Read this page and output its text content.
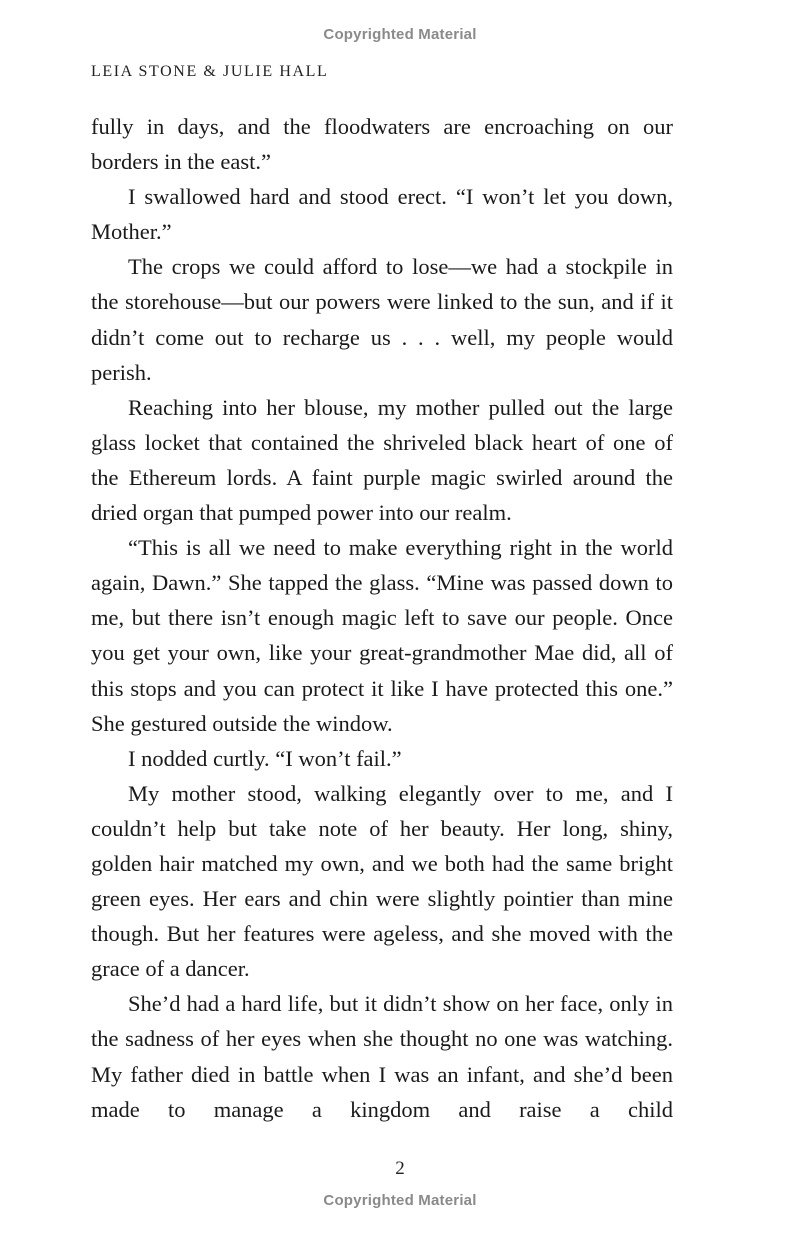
Copyrighted Material
LEIA STONE & JULIE HALL

fully in days, and the floodwaters are encroaching on our borders in the east.”

I swallowed hard and stood erect. “I won’t let you down, Mother.”

The crops we could afford to lose—we had a stockpile in the storehouse—but our powers were linked to the sun, and if it didn’t come out to recharge us . . . well, my people would perish.

Reaching into her blouse, my mother pulled out the large glass locket that contained the shriveled black heart of one of the Ethereum lords. A faint purple magic swirled around the dried organ that pumped power into our realm.

“This is all we need to make everything right in the world again, Dawn.” She tapped the glass. “Mine was passed down to me, but there isn’t enough magic left to save our people. Once you get your own, like your great-grandmother Mae did, all of this stops and you can protect it like I have protected this one.” She gestured outside the window.

I nodded curtly. “I won’t fail.”

My mother stood, walking elegantly over to me, and I couldn’t help but take note of her beauty. Her long, shiny, golden hair matched my own, and we both had the same bright green eyes. Her ears and chin were slightly pointier than mine though. But her features were ageless, and she moved with the grace of a dancer.

She’d had a hard life, but it didn’t show on her face, only in the sadness of her eyes when she thought no one was watching. My father died in battle when I was an infant, and she’d been made to manage a kingdom and raise a child

2
Copyrighted Material
